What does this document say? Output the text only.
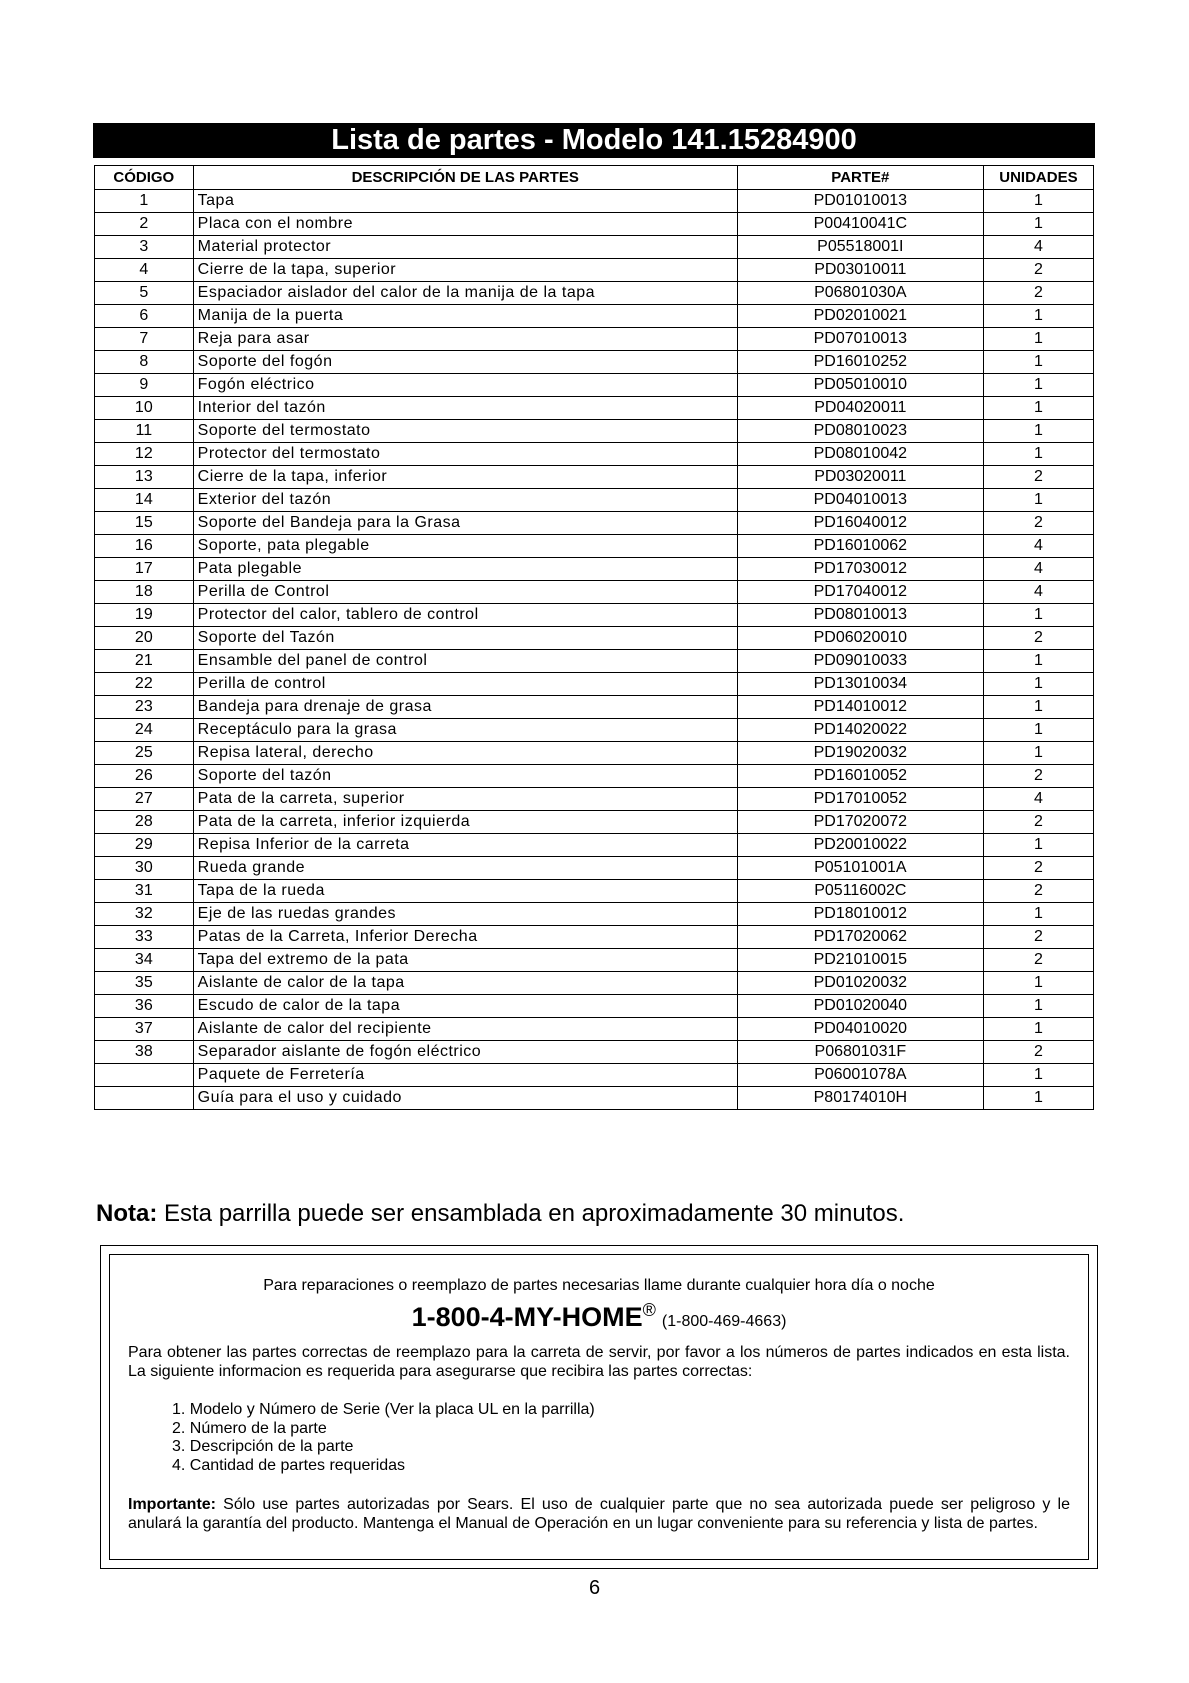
Lista de partes - Modelo 141.15284900
CÓDIGO	DESCRIPCIÓN DE LAS PARTES	PARTE#	UNIDADES
1	Tapa	PD01010013	1
2	Placa con el nombre	P00410041C	1
3	Material protector	P05518001I	4
4	Cierre de la tapa, superior	PD03010011	2
5	Espaciador aislador del calor de la manija de la tapa	P06801030A	2
6	Manija de la puerta	PD02010021	1
7	Reja para asar	PD07010013	1
8	Soporte del fogón	PD16010252	1
9	Fogón eléctrico	PD05010010	1
10	Interior del tazón	PD04020011	1
11	Soporte del termostato	PD08010023	1
12	Protector del termostato	PD08010042	1
13	Cierre de la tapa, inferior	PD03020011	2
14	Exterior del tazón	PD04010013	1
15	Soporte del Bandeja para la Grasa	PD16040012	2
16	Soporte, pata plegable	PD16010062	4
17	Pata plegable	PD17030012	4
18	Perilla de Control	PD17040012	4
19	Protector del calor, tablero de control	PD08010013	1
20	Soporte del Tazón	PD06020010	2
21	Ensamble del panel de control	PD09010033	1
22	Perilla de control	PD13010034	1
23	Bandeja para drenaje de grasa	PD14010012	1
24	Receptáculo para la grasa	PD14020022	1
25	Repisa lateral, derecho	PD19020032	1
26	Soporte del tazón	PD16010052	2
27	Pata de la carreta, superior	PD17010052	4
28	Pata de la carreta, inferior izquierda	PD17020072	2
29	Repisa Inferior de la carreta	PD20010022	1
30	Rueda grande	P05101001A	2
31	Tapa de la rueda	P05116002C	2
32	Eje de las ruedas grandes	PD18010012	1
33	Patas de la Carreta, Inferior Derecha	PD17020062	2
34	Tapa del extremo de la pata	PD21010015	2
35	Aislante de calor de la tapa	PD01020032	1
36	Escudo de calor de la tapa	PD01020040	1
37	Aislante de calor del recipiente	PD04010020	1
38	Separador aislante de fogón eléctrico	P06801031F	2
	Paquete de Ferretería	P06001078A	1
	Guía para el uso y cuidado	P80174010H	1
Nota: Esta parrilla puede ser ensamblada en aproximadamente 30 minutos.
Para reparaciones o reemplazo de partes necesarias llame durante cualquier hora día o noche
1-800-4-MY-HOME®(1-800-469-4663)
Para obtener las partes correctas de reemplazo para la carreta de servir, por favor a los números de partes indicados en esta lista. La siguiente informacion es requerida para asegurarse que recibira las partes correctas:
1. Modelo y Número de Serie (Ver la placa UL en la parrilla)
2. Número de la parte
3. Descripción de la parte
4. Cantidad de partes requeridas
Importante: Sólo use partes autorizadas por Sears. El uso de cualquier parte que no sea autorizada puede ser peligroso y le anulará la garantía del producto. Mantenga el Manual de Operación en un lugar conveniente para su referencia y lista de partes.
6
